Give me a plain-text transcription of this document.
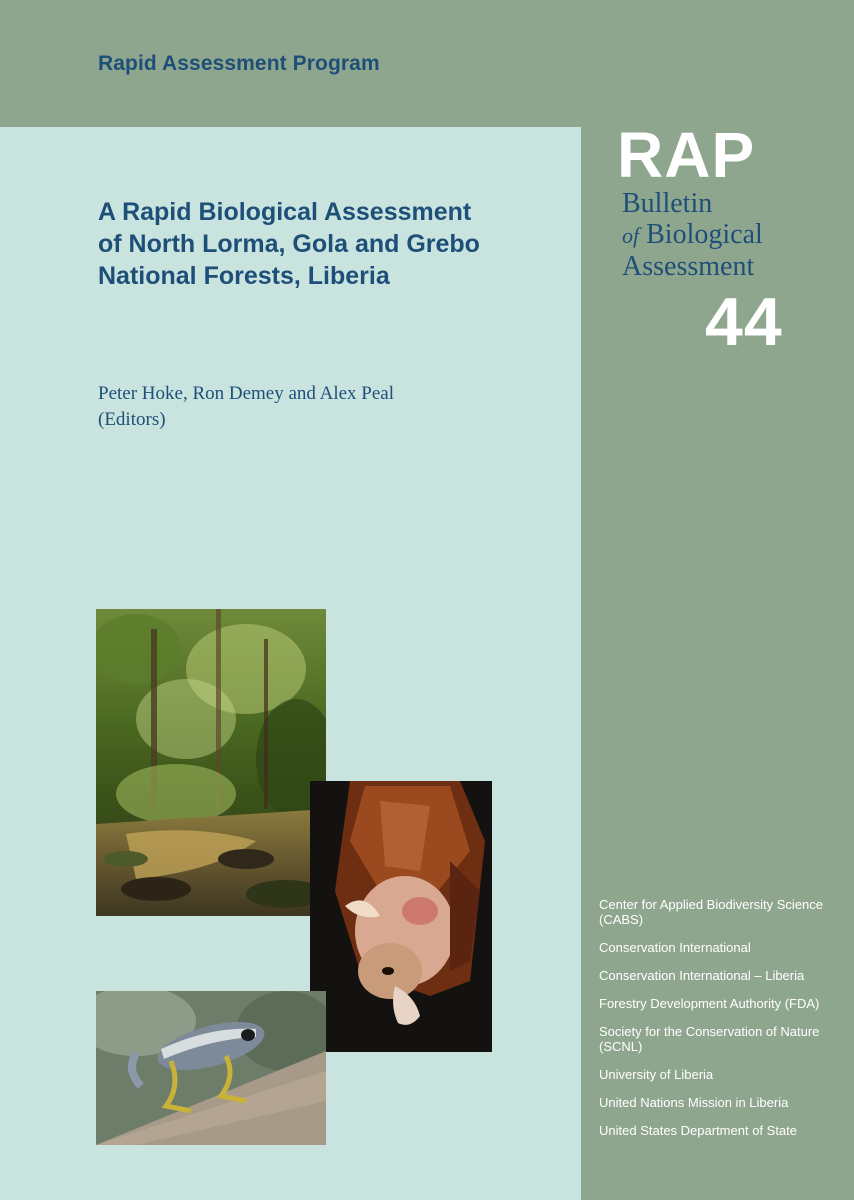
Rapid Assessment Program
A Rapid Biological Assessment
of North Lorma, Gola and Grebo
National Forests, Liberia
Peter Hoke, Ron Demey and Alex Peal
(Editors)
RAP
Bulletin
of Biological
Assessment
44
Center for Applied Biodiversity Science (CABS)
Conservation International
Conservation International – Liberia
Forestry Development Authority (FDA)
Society for the Conservation of Nature (SCNL)
University of Liberia
United Nations Mission in Liberia
United States Department of State
